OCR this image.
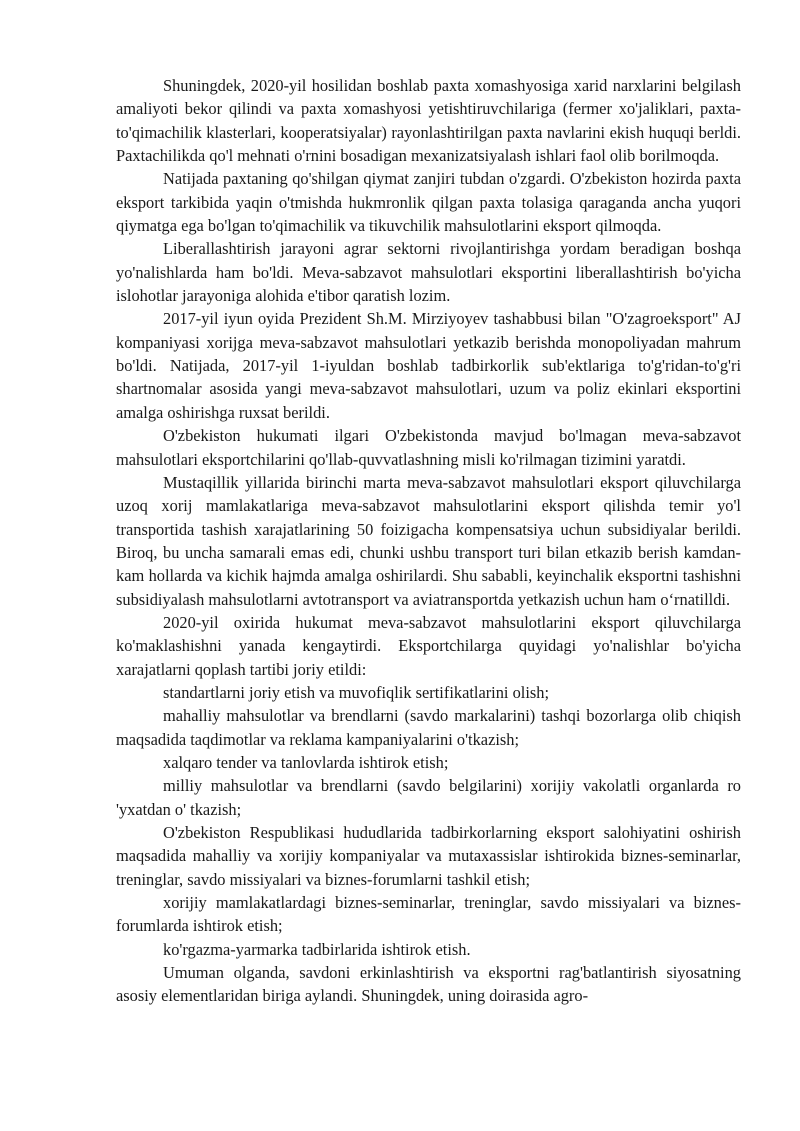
Shuningdek, 2020-yil hosilidan boshlab paxta xomashyosiga xarid narxlarini belgilash amaliyoti bekor qilindi va paxta xomashyosi yetishtiruvchilariga (fermer xo'jaliklari, paxta-to'qimachilik klasterlari, kooperatsiyalar) rayonlashtirilgan paxta navlarini ekish huquqi berldi. Paxtachilikda qo'l mehnati o'rnini bosadigan mexanizatsiyalash ishlari faol olib borilmoqda.

Natijada paxtaning qo'shilgan qiymat zanjiri tubdan o'zgardi. O'zbekiston hozirda paxta eksport tarkibida yaqin o'tmishda hukmronlik qilgan paxta tolasiga qaraganda ancha yuqori qiymatga ega bo'lgan to'qimachilik va tikuvchilik mahsulotlarini eksport qilmoqda.

Liberallashtirish jarayoni agrar sektorni rivojlantirishga yordam beradigan boshqa yo'nalishlarda ham bo'ldi. Meva-sabzavot mahsulotlari eksportini liberallashtirish bo'yicha islohotlar jarayoniga alohida e'tibor qaratish lozim.

2017-yil iyun oyida Prezident Sh.M. Mirziyoyev tashabbusi bilan "O'zagroeksport" AJ kompaniyasi xorijga meva-sabzavot mahsulotlari yetkazib berishda monopoliyadan mahrum bo'ldi. Natijada, 2017-yil 1-iyuldan boshlab tadbirkorlik sub'ektlariga to'g'ridan-to'g'ri shartnomalar asosida yangi meva-sabzavot mahsulotlari, uzum va poliz ekinlari eksportini amalga oshirishga ruxsat berildi.

O'zbekiston hukumati ilgari O'zbekistonda mavjud bo'lmagan meva-sabzavot mahsulotlari eksportchilarini qo'llab-quvvatlashning misli ko'rilmagan tizimini yaratdi.

Mustaqillik yillarida birinchi marta meva-sabzavot mahsulotlari eksport qiluvchilarga uzoq xorij mamlakatlariga meva-sabzavot mahsulotlarini eksport qilishda temir yo'l transportida tashish xarajatlarining 50 foizigacha kompensatsiya uchun subsidiyalar berildi. Biroq, bu uncha samarali emas edi, chunki ushbu transport turi bilan etkazib berish kamdan-kam hollarda va kichik hajmda amalga oshirilardi. Shu sababli, keyinchalik eksportni tashishni subsidiyalash mahsulotlarni avtotransport va aviatransportda yetkazish uchun ham o‘rnatilldi.

2020-yil oxirida hukumat meva-sabzavot mahsulotlarini eksport qiluvchilarga ko'maklashishni yanada kengaytirdi. Eksportchilarga quyidagi yo'nalishlar bo'yicha xarajatlarni qoplash tartibi joriy etildi:

standartlarni joriy etish va muvofiqlik sertifikatlarini olish;

mahalliy mahsulotlar va brendlarni (savdo markalarini) tashqi bozorlarga olib chiqish maqsadida taqdimotlar va reklama kampaniyalarini o'tkazish;

xalqaro tender va tanlovlarda ishtirok etish;

milliy mahsulotlar va brendlarni (savdo belgilarini) xorijiy vakolatli organlarda ro 'yxatdan o' tkazish;

O'zbekiston Respublikasi hududlarida tadbirkorlarning eksport salohiyatini oshirish maqsadida mahalliy va xorijiy kompaniyalar va mutaxassislar ishtirokida biznes-seminarlar, treninglar, savdo missiyalari va biznes-forumlarni tashkil etish;

xorijiy mamlakatlardagi biznes-seminarlar, treninglar, savdo missiyalari va biznes-forumlarda ishtirok etish;

ko'rgazma-yarmarka tadbirlarida ishtirok etish.

Umuman olganda, savdoni erkinlashtirish va eksportni rag'batlantirish siyosatning asosiy elementlaridan biriga aylandi. Shuningdek, uning doirasida agro-
